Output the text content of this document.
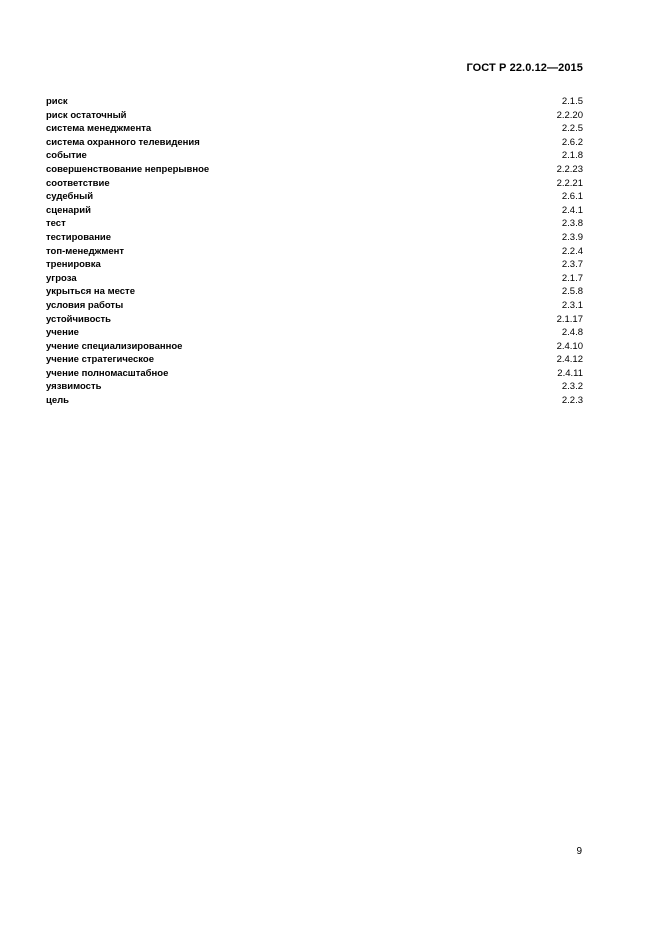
ГОСТ Р 22.0.12—2015
риск	2.1.5
риск остаточный	2.2.20
система менеджмента	2.2.5
система охранного телевидения	2.6.2
событие	2.1.8
совершенствование непрерывное	2.2.23
соответствие	2.2.21
судебный	2.6.1
сценарий	2.4.1
тест	2.3.8
тестирование	2.3.9
топ-менеджмент	2.2.4
тренировка	2.3.7
угроза	2.1.7
укрыться на месте	2.5.8
условия работы	2.3.1
устойчивость	2.1.17
учение	2.4.8
учение специализированное	2.4.10
учение стратегическое	2.4.12
учение полномасштабное	2.4.11
уязвимость	2.3.2
цель	2.2.3
9
